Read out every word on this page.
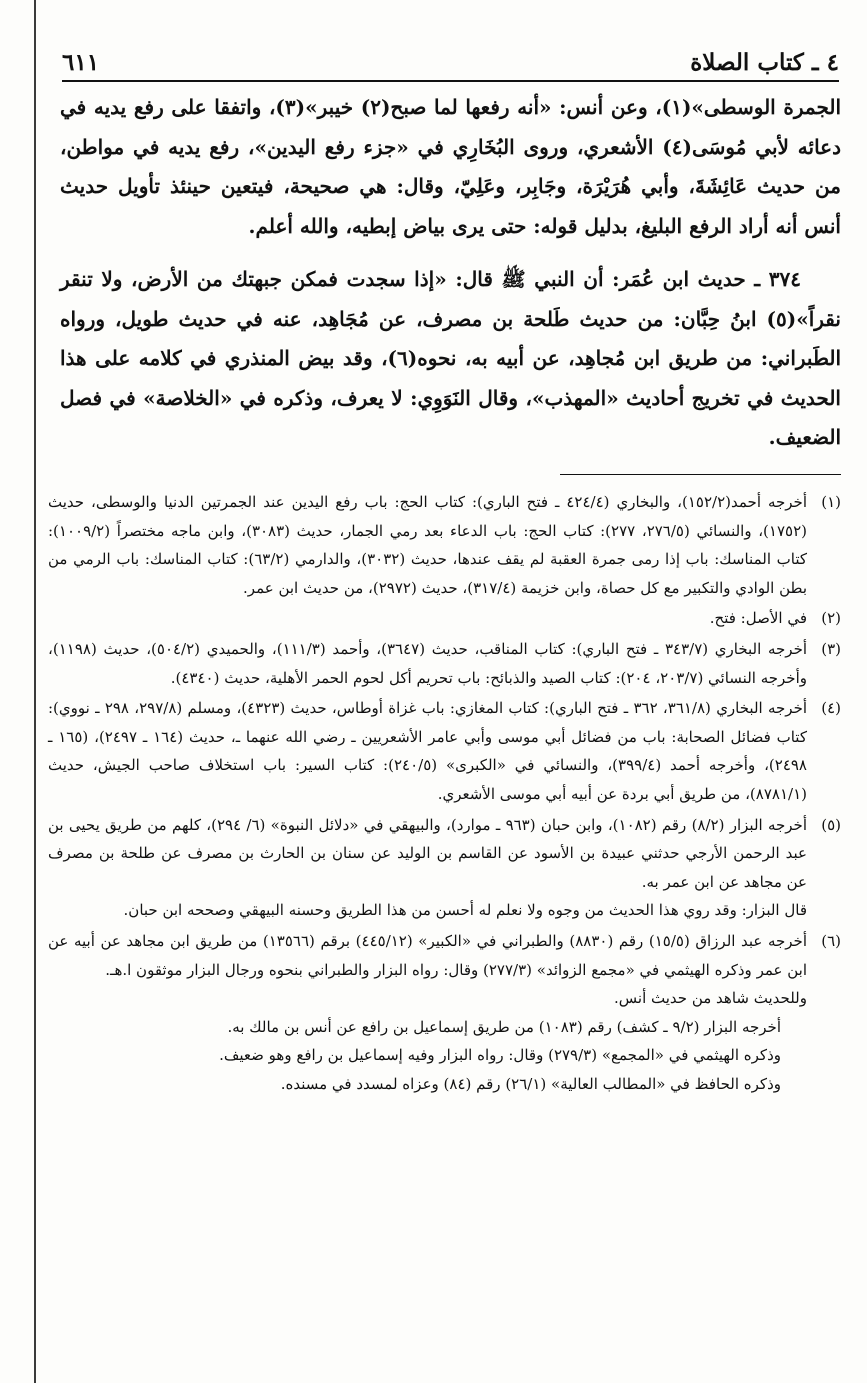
٤ ـ كتاب الصلاة
٦١١

الجمرة الوسطى»(١)، وعن أنس: «أنه رفعها لما صبح(٢) خيبر»(٣)، واتفقا على رفع يديه في دعائه لأبي مُوسَى(٤) الأشعري، وروى البُخَارِي في «جزء رفع اليدين»، رفع يديه في مواطن، من حديث عَائِشَةَ، وأبي هُرَيْرَة، وجَابِر، وعَلِيّ، وقال: هي صحيحة، فيتعين حينئذ تأويل حديث أنس أنه أراد الرفع البليغ، بدليل قوله: حتى يرى بياض إبطيه، والله أعلم.

٣٧٤ ـ حديث ابن عُمَر: أن النبي ﷺ قال: «إذا سجدت فمكن جبهتك من الأرض، ولا تنقر نقراً»(٥) ابنُ حِبَّان: من حديث طَلحة بن مصرف، عن مُجَاهِد، عنه في حديث طويل، ورواه الطَبراني: من طريق ابن مُجاهِد، عن أبيه به، نحوه(٦)، وقد بيض المنذري في كلامه على هذا الحديث في تخريج أحاديث «المهذب»، وقال النَوَوِي: لا يعرف، وذكره في «الخلاصة» في فصل الضعيف.

(١)

أخرجه أحمد(١٥٢/٢)، والبخاري (٤٢٤/٤ ـ فتح الباري): كتاب الحج: باب رفع اليدين عند الجمرتين الدنيا والوسطى، حديث (١٧٥٢)، والنسائي (٢٧٦/٥، ٢٧٧): كتاب الحج: باب الدعاء بعد رمي الجمار، حديث (٣٠٨٣)، وابن ماجه مختصراً (١٠٠٩/٢): كتاب المناسك: باب إذا رمى جمرة العقبة لم يقف عندها، حديث (٣٠٣٢)، والدارمي (٦٣/٢): كتاب المناسك: باب الرمي من بطن الوادي والتكبير مع كل حصاة، وابن خزيمة (٣١٧/٤)، حديث (٢٩٧٢)، من حديث ابن عمر.

(٢)

في الأصل: فتح.

(٣)

أخرجه البخاري (٣٤٣/٧ ـ فتح الباري): كتاب المناقب، حديث (٣٦٤٧)، وأحمد (١١١/٣)، والحميدي (٥٠٤/٢)، حديث (١١٩٨)، وأخرجه النسائي (٢٠٣/٧، ٢٠٤): كتاب الصيد والذبائح: باب تحريم أكل لحوم الحمر الأهلية، حديث (٤٣٤٠).

(٤)

أخرجه البخاري (٣٦١/٨، ٣٦٢ ـ فتح الباري): كتاب المغازي: باب غزاة أوطاس، حديث (٤٣٢٣)، ومسلم (٢٩٧/٨، ٢٩٨ ـ نووي): كتاب فضائل الصحابة: باب من فضائل أبي موسى وأبي عامر الأشعريين ـ رضي الله عنهما ـ، حديث (١٦٤ ـ ٢٤٩٧)، (١٦٥ ـ ٢٤٩٨)، وأخرجه أحمد (٣٩٩/٤)، والنسائي في «الكبرى» (٢٤٠/٥): كتاب السير: باب استخلاف صاحب الجيش، حديث (٨٧٨١/١)، من طريق أبي بردة عن أبيه أبي موسى الأشعري.

(٥)

أخرجه البزار (٨/٢) رقم (١٠٨٢)، وابن حبان (٩٦٣ ـ موارد)، والبيهقي في «دلائل النبوة» (٦/ ٢٩٤)، كلهم من طريق يحيى بن عبد الرحمن الأرجي حدثني عبيدة بن الأسود عن القاسم بن الوليد عن سنان بن الحارث بن مصرف عن طلحة بن مصرف عن مجاهد عن ابن عمر به.

قال البزار: وقد روي هذا الحديث من وجوه ولا نعلم له أحسن من هذا الطريق وحسنه البيهقي وصححه ابن حبان.

(٦)

أخرجه عبد الرزاق (١٥/٥) رقم (٨٨٣٠) والطبراني في «الكبير» (٤٤٥/١٢) برقم (١٣٥٦٦) من طريق ابن مجاهد عن أبيه عن ابن عمر وذكره الهيثمي في «مجمع الزوائد» (٢٧٧/٣) وقال: رواه البزار والطبراني بنحوه ورجال البزار موثقون ا.هـ.

وللحديث شاهد من حديث أنس.

أخرجه البزار (٩/٢ ـ كشف) رقم (١٠٨٣) من طريق إسماعيل بن رافع عن أنس بن مالك به.

وذكره الهيثمي في «المجمع» (٢٧٩/٣) وقال: رواه البزار وفيه إسماعيل بن رافع وهو ضعيف.

وذكره الحافظ في «المطالب العالية» (٢٦/١) رقم (٨٤) وعزاه لمسدد في مسنده.
